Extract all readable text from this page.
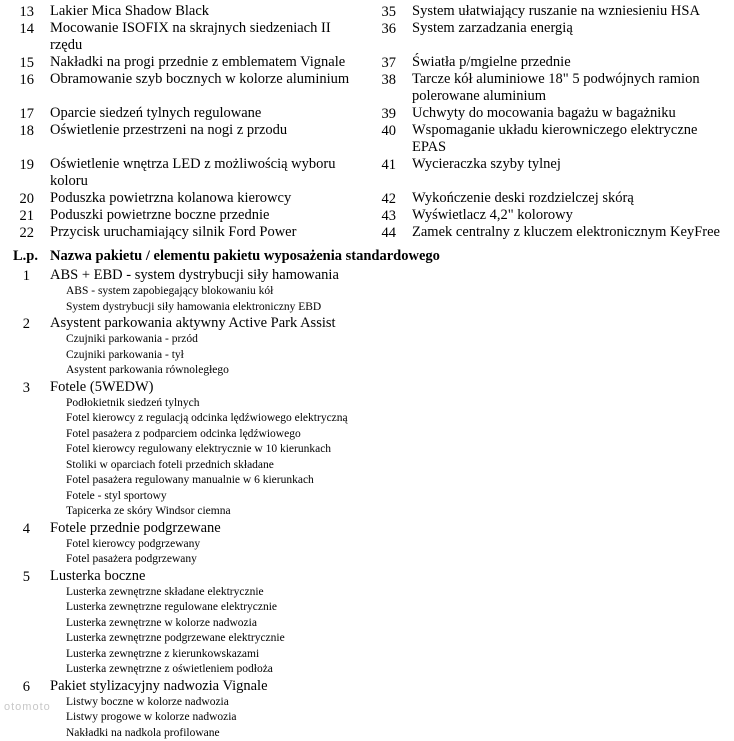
13 Lakier Mica Shadow Black
14 Mocowanie ISOFIX na skrajnych siedzeniach II
rzędu
15 Nakładki na progi przednie z emblematem Vignale
16 Obramowanie szyb bocznych w kolorze aluminium
17 Oparcie siedzeń tylnych regulowane
18 Oświetlenie przestrzeni na nogi z przodu
19 Oświetlenie wnętrza LED z możliwością wyboru
koloru
20 Poduszka powietrzna kolanowa kierowcy
21 Poduszki powietrzne boczne przednie
22 Przycisk uruchamiający silnik Ford Power
35 System ułatwiający ruszanie na wzniesieniu HSA
36 System zarzadzania energią
37 Światła p/mgielne przednie
38 Tarcze kół aluminiowe 18" 5 podwójnych ramion
polerowane aluminium
39 Uchwyty do mocowania bagażu w bagażniku
40 Wspomaganie układu kierowniczego elektryczne
EPAS
41 Wycieraczka szyby tylnej
42 Wykończenie deski rozdzielczej skórą
43 Wyświetlacz 4,2" kolorowy
44 Zamek centralny z kluczem elektronicznym KeyFree
L.p. Nazwa pakietu / elementu pakietu wyposażenia standardowego
1 ABS + EBD - system dystrybucji siły hamowania
ABS - system zapobiegający blokowaniu kół
System dystrybucji siły hamowania elektroniczny EBD
2 Asystent parkowania aktywny Active Park Assist
Czujniki parkowania - przód
Czujniki parkowania - tył
Asystent parkowania równoległego
3 Fotele (5WEDW)
Podłokietnik siedzeń tylnych
Fotel kierowcy z regulacją odcinka lędźwiowego elektryczną
Fotel pasażera z podparciem odcinka lędźwiowego
Fotel kierowcy regulowany elektrycznie w 10 kierunkach
Stoliki w oparciach foteli przednich składane
Fotel pasażera regulowany manualnie w 6 kierunkach
Fotele - styl sportowy
Tapicerka ze skóry Windsor ciemna
4 Fotele przednie podgrzewane
Fotel kierowcy podgrzewany
Fotel pasażera podgrzewany
5 Lusterka boczne
Lusterka zewnętrzne składane elektrycznie
Lusterka zewnętrzne regulowane elektrycznie
Lusterka zewnętrzne w kolorze nadwozia
Lusterka zewnętrzne podgrzewane elektrycznie
Lusterka zewnętrzne z kierunkowskazami
Lusterka zewnętrzne z oświetleniem podłoża
6 Pakiet stylizacyjny nadwozia Vignale
Listwy boczne w kolorze nadwozia
Listwy progowe w kolorze nadwozia
Nakładki na nadkola profilowane
otomoto
